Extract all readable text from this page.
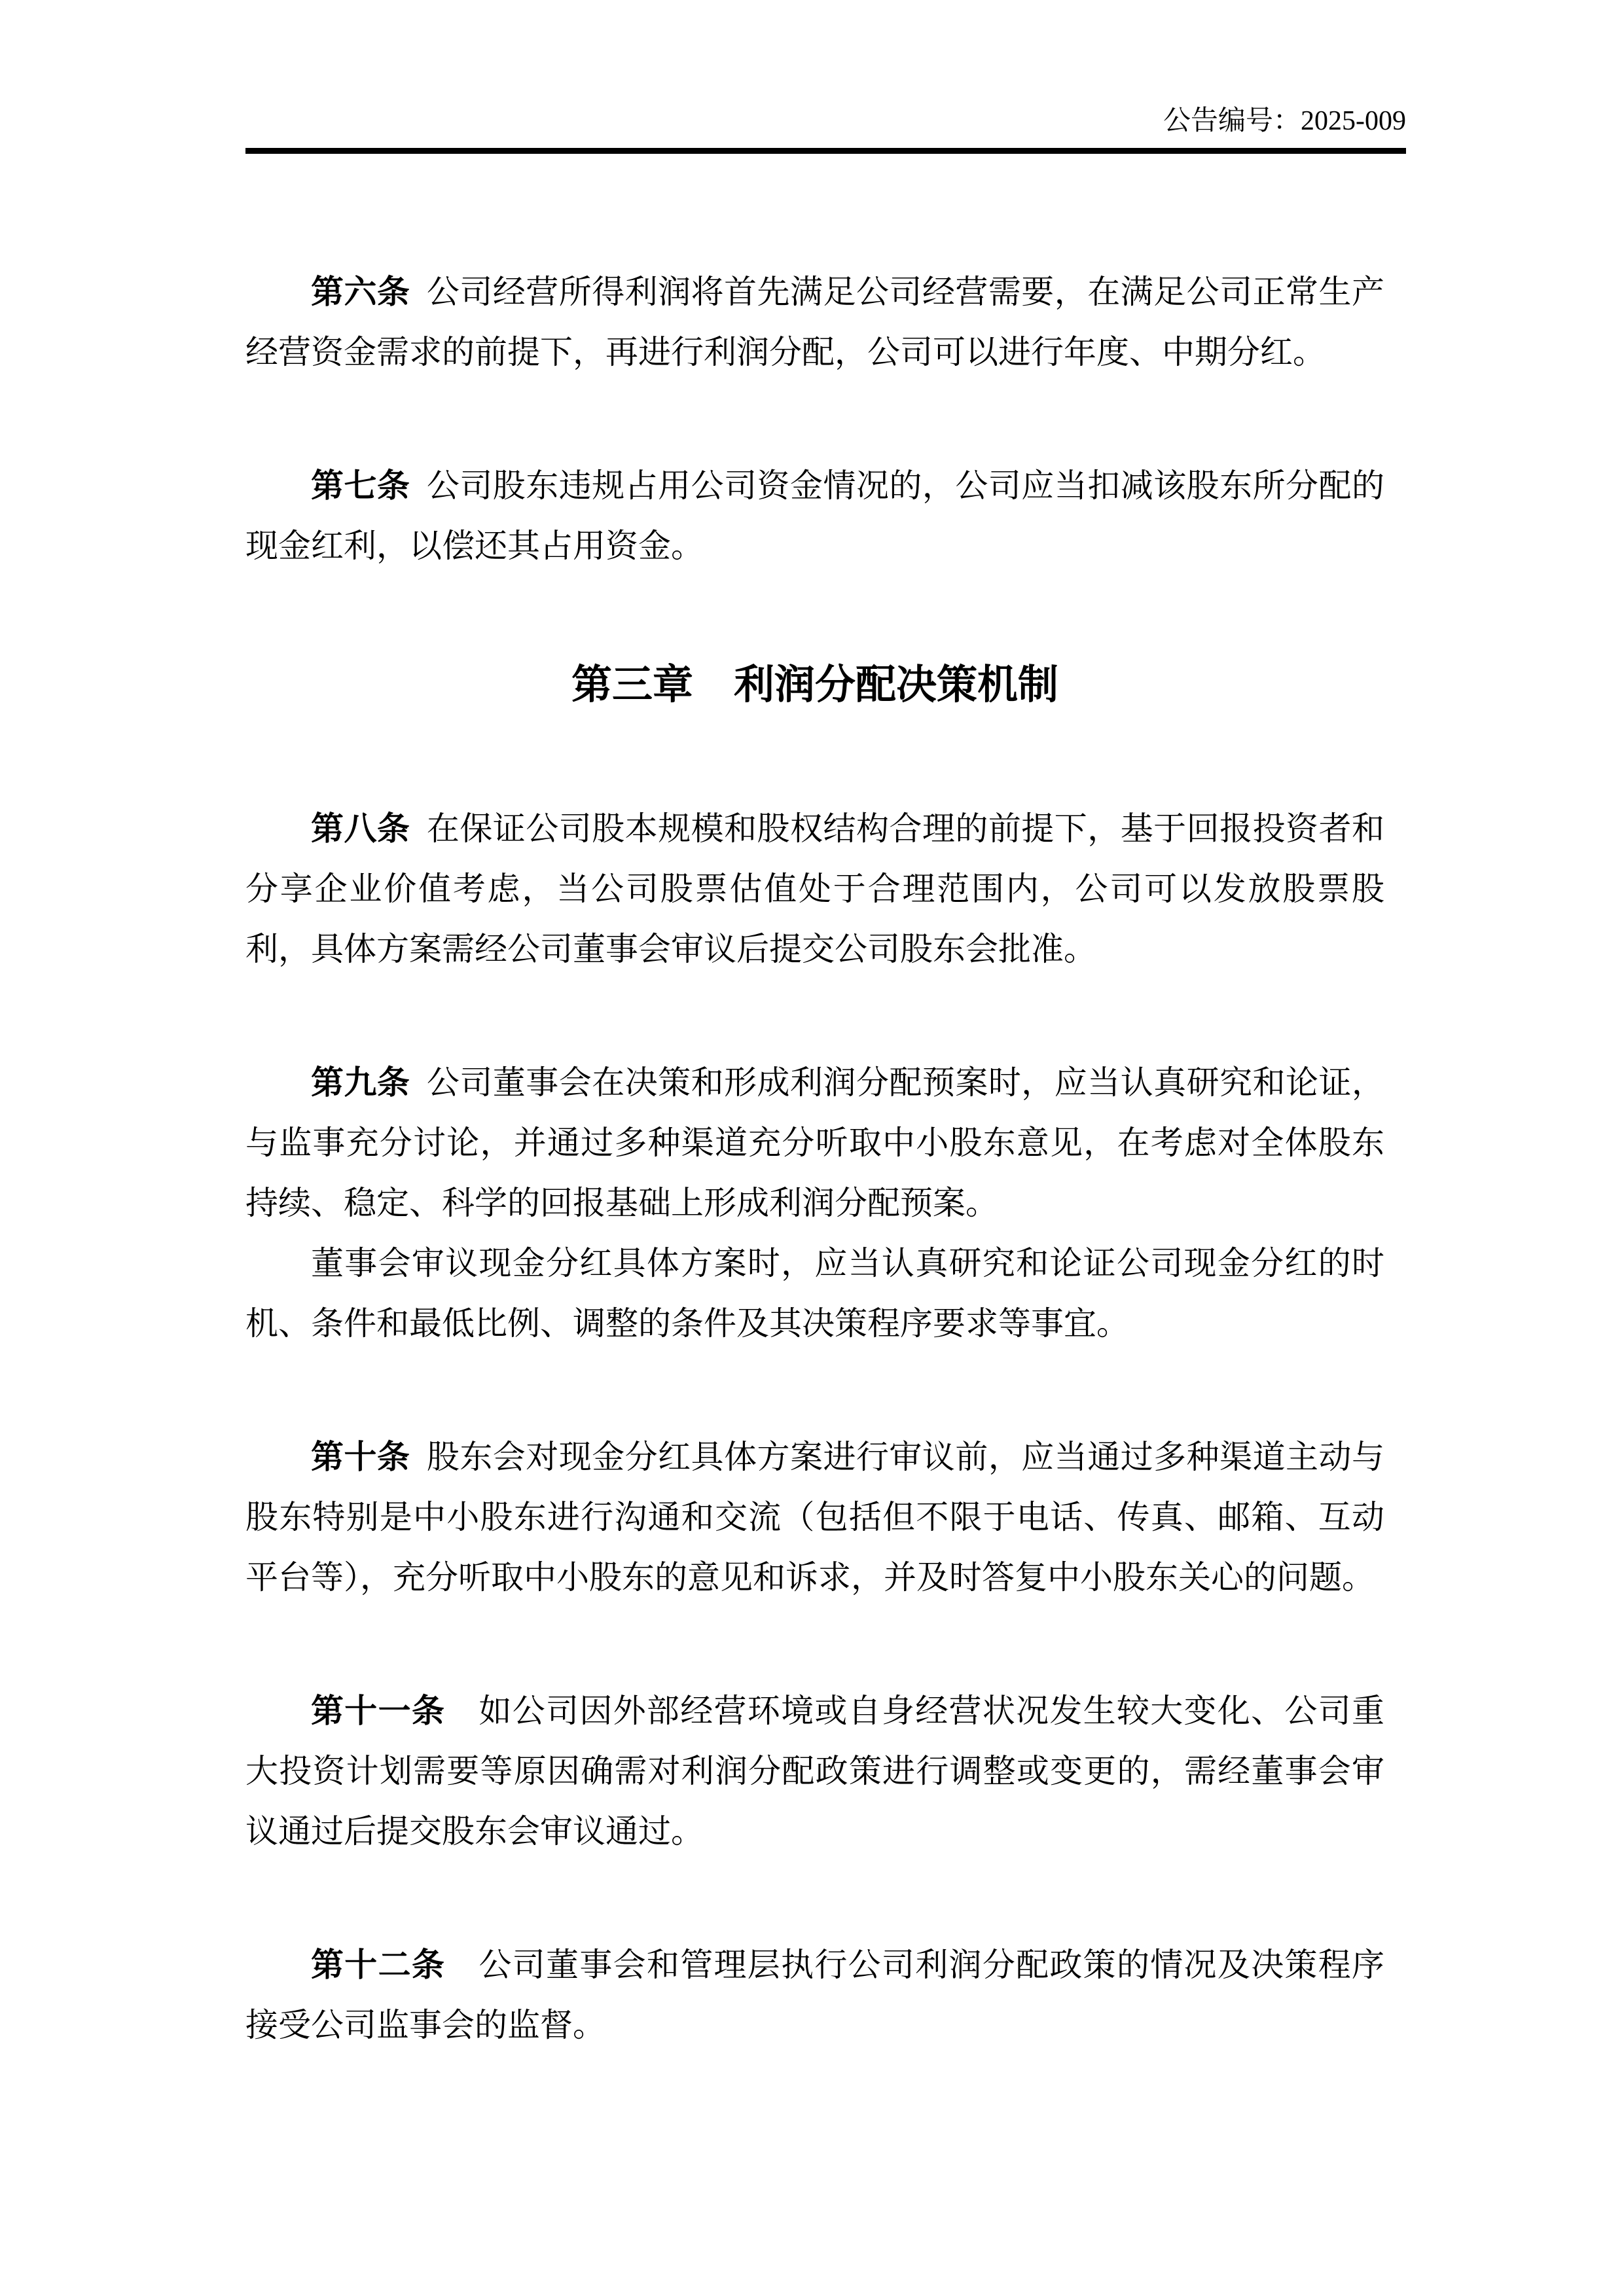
公告编号：2025-009

第六条 公司经营所得利润将首先满足公司经营需要，在满足公司正常生产经营资金需求的前提下，再进行利润分配，公司可以进行年度、中期分红。

第七条 公司股东违规占用公司资金情况的，公司应当扣减该股东所分配的现金红利，以偿还其占用资金。

第三章　利润分配决策机制

第八条 在保证公司股本规模和股权结构合理的前提下，基于回报投资者和分享企业价值考虑，当公司股票估值处于合理范围内，公司可以发放股票股利，具体方案需经公司董事会审议后提交公司股东会批准。

第九条 公司董事会在决策和形成利润分配预案时，应当认真研究和论证，与监事充分讨论，并通过多种渠道充分听取中小股东意见，在考虑对全体股东持续、稳定、科学的回报基础上形成利润分配预案。

董事会审议现金分红具体方案时，应当认真研究和论证公司现金分红的时机、条件和最低比例、调整的条件及其决策程序要求等事宜。

第十条 股东会对现金分红具体方案进行审议前，应当通过多种渠道主动与股东特别是中小股东进行沟通和交流（包括但不限于电话、传真、邮箱、互动平台等），充分听取中小股东的意见和诉求，并及时答复中小股东关心的问题。

第十一条 如公司因外部经营环境或自身经营状况发生较大变化、公司重大投资计划需要等原因确需对利润分配政策进行调整或变更的，需经董事会审议通过后提交股东会审议通过。

第十二条 公司董事会和管理层执行公司利润分配政策的情况及决策程序接受公司监事会的监督。
